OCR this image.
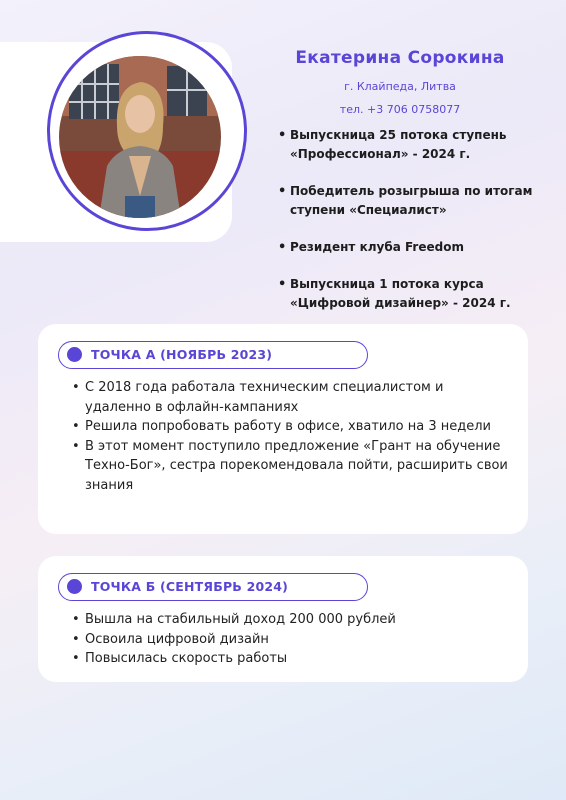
Екатерина Сорокина
г. Клайпеда, Литва
тел. +3 706 0758077
• Выпускница 25 потока ступень «Профессионал» - 2024 г.
• Победитель розыгрыша по итогам ступени «Специалист»
• Резидент клуба Freedom
• Выпускница 1 потока курса «Цифровой дизайнер» - 2024 г.
ТОЧКА А (НОЯБРЬ 2023)
• С 2018 года работала техническим специалистом и удаленно в офлайн-кампаниях
• Решила попробовать работу в офисе, хватило на 3 недели
• В этот момент поступило предложение «Грант на обучение Техно-Бог», сестра порекомендовала пойти, расширить свои знания
ТОЧКА Б (СЕНТЯБРЬ 2024)
• Вышла на стабильный доход 200 000 рублей
• Освоила цифровой дизайн
• Повысилась скорость работы
